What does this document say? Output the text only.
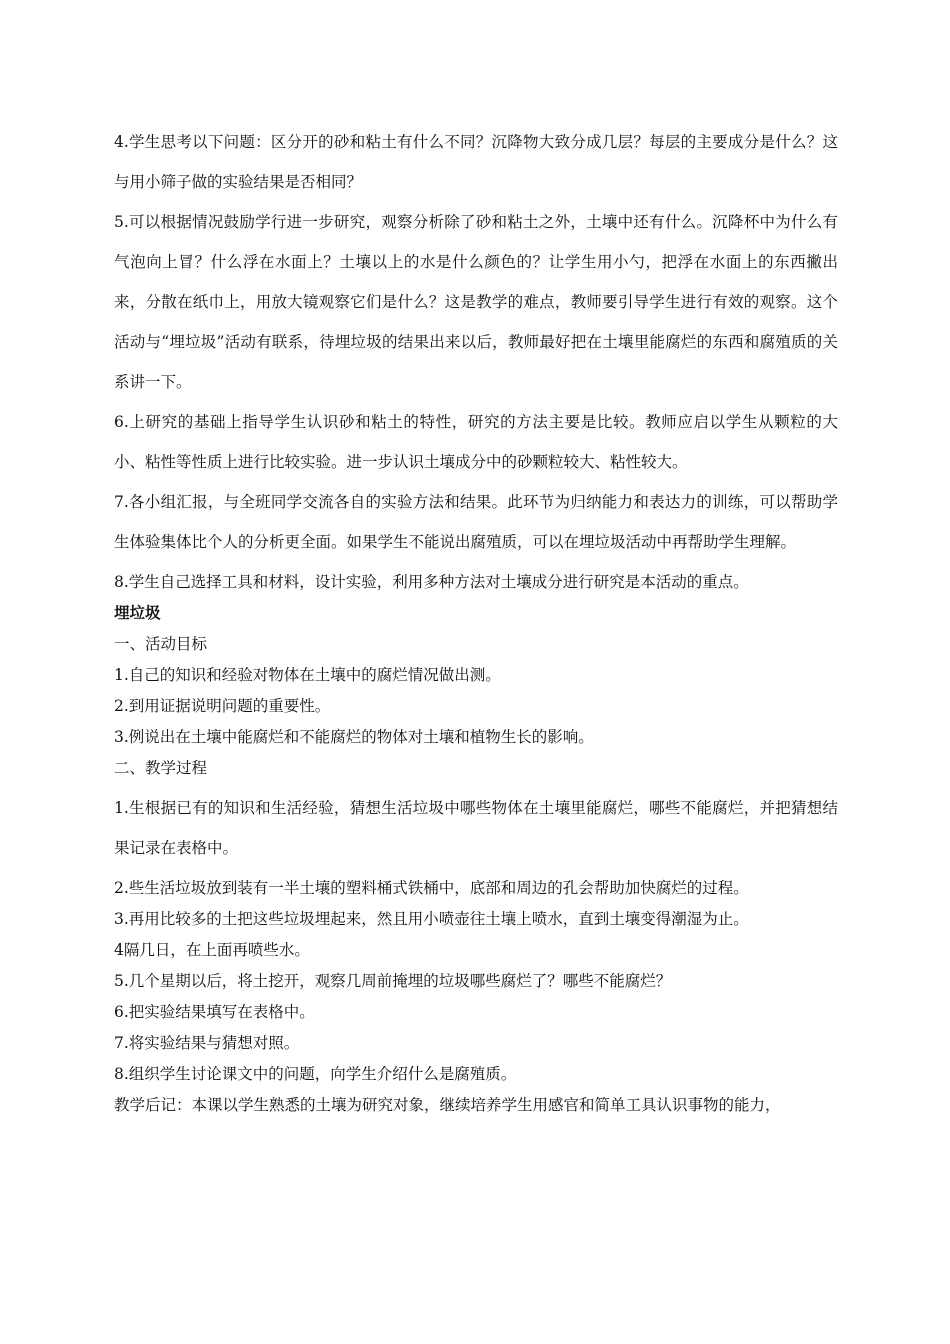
4.学生思考以下问题：区分开的砂和粘土有什么不同？沉降物大致分成几层？每层的主要成分是什么？这与用小筛子做的实验结果是否相同？

5.可以根据情况鼓励学行进一步研究，观察分析除了砂和粘土之外，土壤中还有什么。沉降杯中为什么有气泡向上冒？什么浮在水面上？土壤以上的水是什么颜色的？让学生用小勺，把浮在水面上的东西撇出来，分散在纸巾上，用放大镜观察它们是什么？这是教学的难点，教师要引导学生进行有效的观察。这个活动与“埋垃圾”活动有联系，待埋垃圾的结果出来以后，教师最好把在土壤里能腐烂的东西和腐殖质的关系讲一下。

6.上研究的基础上指导学生认识砂和粘土的特性，研究的方法主要是比较。教师应启以学生从颗粒的大小、粘性等性质上进行比较实验。进一步认识土壤成分中的砂颗粒较大、粘性较大。

7.各小组汇报，与全班同学交流各自的实验方法和结果。此环节为归纳能力和表达力的训练，可以帮助学生体验集体比个人的分析更全面。如果学生不能说出腐殖质，可以在埋垃圾活动中再帮助学生理解。

8.学生自己选择工具和材料，设计实验，利用多种方法对土壤成分进行研究是本活动的重点。

埋垃圾

一、活动目标

1.自己的知识和经验对物体在土壤中的腐烂情况做出测。

2.到用证据说明问题的重要性。

3.例说出在土壤中能腐烂和不能腐烂的物体对土壤和植物生长的影响。

二、教学过程

1.生根据已有的知识和生活经验，猜想生活垃圾中哪些物体在土壤里能腐烂，哪些不能腐烂，并把猜想结果记录在表格中。

2.些生活垃圾放到装有一半土壤的塑料桶式铁桶中，底部和周边的孔会帮助加快腐烂的过程。

3.再用比较多的土把这些垃圾埋起来，然且用小喷壶往土壤上喷水，直到土壤变得潮湿为止。

4隔几日，在上面再喷些水。

5.几个星期以后，将土挖开，观察几周前掩埋的垃圾哪些腐烂了？哪些不能腐烂？

6.把实验结果填写在表格中。

7.将实验结果与猜想对照。

8.组织学生讨论课文中的问题，向学生介绍什么是腐殖质。

教学后记：本课以学生熟悉的土壤为研究对象，继续培养学生用感官和简单工具认识事物的能力，
